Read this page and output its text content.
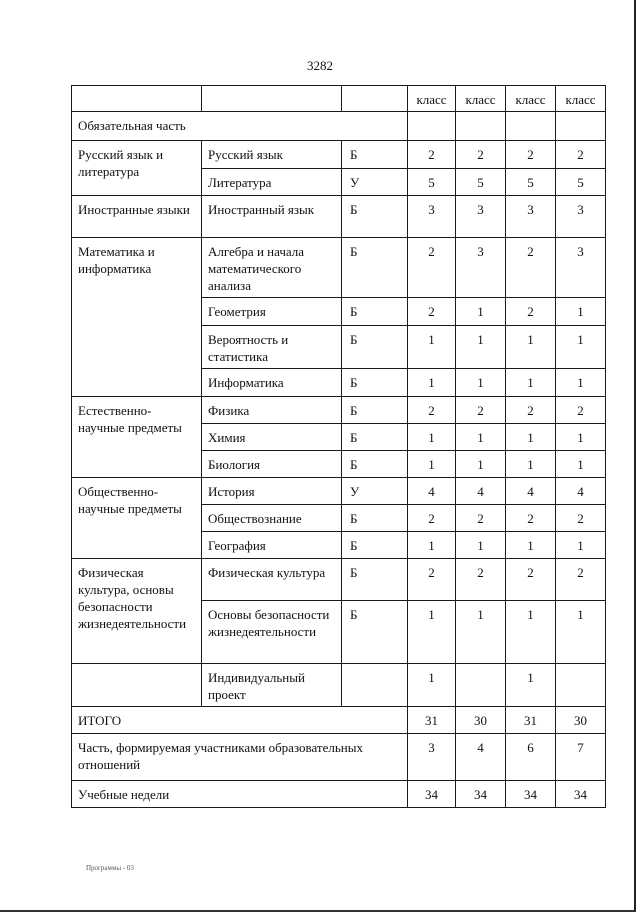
3282
			класс	класс	класс	класс
Обязательная часть						
Русский язык и литература	Русский язык	Б	2	2	2	2
	Литература	У	5	5	5	5
Иностранные языки	Иностранный язык	Б	3	3	3	3
Математика и информатика	Алгебра и начала математического анализа	Б	2	3	2	3
	Геометрия	Б	2	1	2	1
	Вероятность и статистика	Б	1	1	1	1
	Информатика	Б	1	1	1	1
Естественно-научные предметы	Физика	Б	2	2	2	2
	Химия	Б	1	1	1	1
	Биология	Б	1	1	1	1
Общественно-научные предметы	История	У	4	4	4	4
	Обществознание	Б	2	2	2	2
	География	Б	1	1	1	1
Физическая культура, основы безопасности жизнедеятельности	Физическая культура	Б	2	2	2	2
	Основы безопасности жизнедеятельности	Б	1	1	1	1
	Индивидуальный проект		1		1	
ИТОГО			31	30	31	30
Часть, формируемая участниками образовательных отношений			3	4	6	7
Учебные недели			34	34	34	34
Программы - 03
